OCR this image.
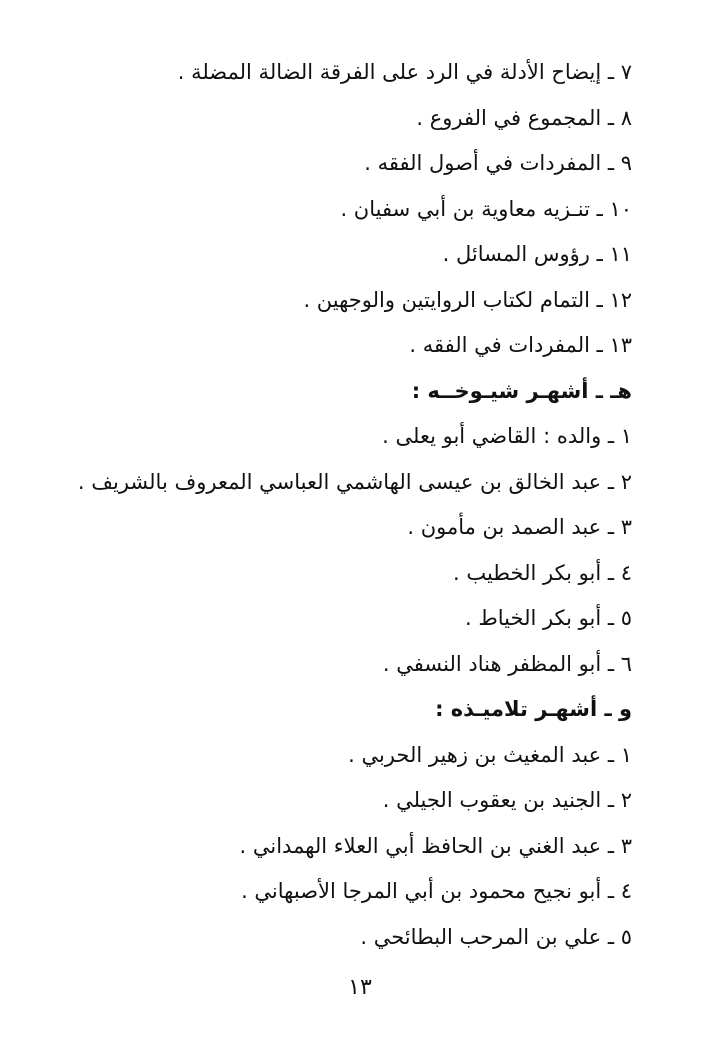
٧ ـ إيضاح الأدلة في الرد على الفرقة الضالة المضلة .
٨ ـ المجموع في الفروع .
٩ ـ المفردات في أصول الفقه .
١٠ ـ تنـزيه معاوية بن أبي سفيان .
١١ ـ رؤوس المسائل .
١٢ ـ التمام لكتاب الروايتين والوجهين .
١٣ ـ المفردات في الفقه .
هـ ـ أشهـر شيـوخــه :
١ ـ والده : القاضي أبو يعلى .
٢ ـ عبد الخالق بن عيسى الهاشمي العباسي المعروف بالشريف .
٣ ـ عبد الصمد بن مأمون .
٤ ـ أبو بكر الخطيب .
٥ ـ أبو بكر الخياط .
٦ ـ أبو المظفر هناد النسفي .
و ـ أشهـر تلاميـذه :
١ ـ عبد المغيث بن زهير الحربي .
٢ ـ الجنيد بن يعقوب الجيلي .
٣ ـ عبد الغني بن الحافظ أبي العلاء الهمداني .
٤ ـ أبو نجيح محمود بن أبي المرجا الأصبهاني .
٥ ـ علي بن المرحب البطائحي .
١٣
